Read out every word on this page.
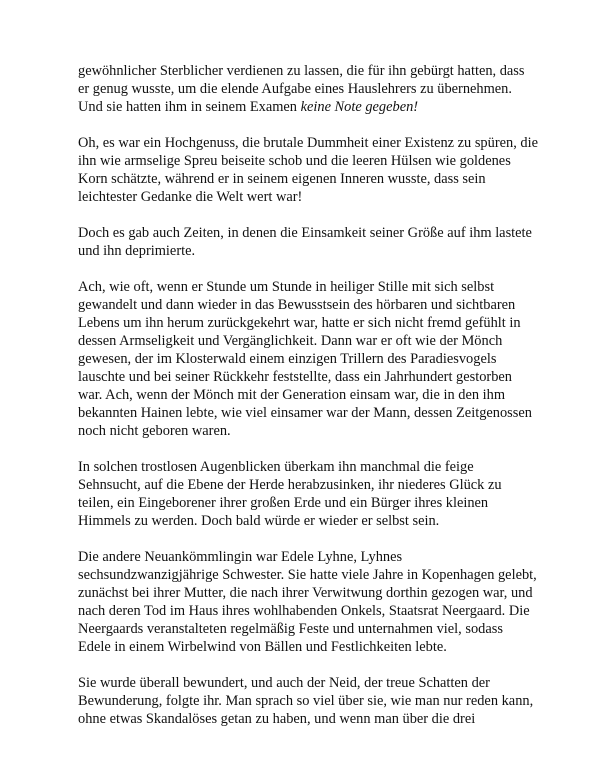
gewöhnlicher Sterblicher verdienen zu lassen, die für ihn gebürgt hatten, dass er genug wusste, um die elende Aufgabe eines Hauslehrers zu übernehmen. Und sie hatten ihm in seinem Examen keine Note gegeben!

Oh, es war ein Hochgenuss, die brutale Dummheit einer Existenz zu spüren, die ihn wie armselige Spreu beiseite schob und die leeren Hülsen wie goldenes Korn schätzte, während er in seinem eigenen Inneren wusste, dass sein leichtester Gedanke die Welt wert war!

Doch es gab auch Zeiten, in denen die Einsamkeit seiner Größe auf ihm lastete und ihn deprimierte.

Ach, wie oft, wenn er Stunde um Stunde in heiliger Stille mit sich selbst gewandelt und dann wieder in das Bewusstsein des hörbaren und sichtbaren Lebens um ihn herum zurückgekehrt war, hatte er sich nicht fremd gefühlt in dessen Armseligkeit und Vergänglichkeit. Dann war er oft wie der Mönch gewesen, der im Klosterwald einem einzigen Trillern des Paradiesvogels lauschte und bei seiner Rückkehr feststellte, dass ein Jahrhundert gestorben war. Ach, wenn der Mönch mit der Generation einsam war, die in den ihm bekannten Hainen lebte, wie viel einsamer war der Mann, dessen Zeitgenossen noch nicht geboren waren.

In solchen trostlosen Augenblicken überkam ihn manchmal die feige Sehnsucht, auf die Ebene der Herde herabzusinken, ihr niederes Glück zu teilen, ein Eingeborener ihrer großen Erde und ein Bürger ihres kleinen Himmels zu werden. Doch bald würde er wieder er selbst sein.

Die andere Neuankömmlingin war Edele Lyhne, Lyhnes sechsundzwanzigjährige Schwester. Sie hatte viele Jahre in Kopenhagen gelebt, zunächst bei ihrer Mutter, die nach ihrer Verwitwung dorthin gezogen war, und nach deren Tod im Haus ihres wohlhabenden Onkels, Staatsrat Neergaard. Die Neergaards veranstalteten regelmäßig Feste und unternahmen viel, sodass Edele in einem Wirbelwind von Bällen und Festlichkeiten lebte.

Sie wurde überall bewundert, und auch der Neid, der treue Schatten der Bewunderung, folgte ihr. Man sprach so viel über sie, wie man nur reden kann, ohne etwas Skandalöses getan zu haben, und wenn man über die drei
